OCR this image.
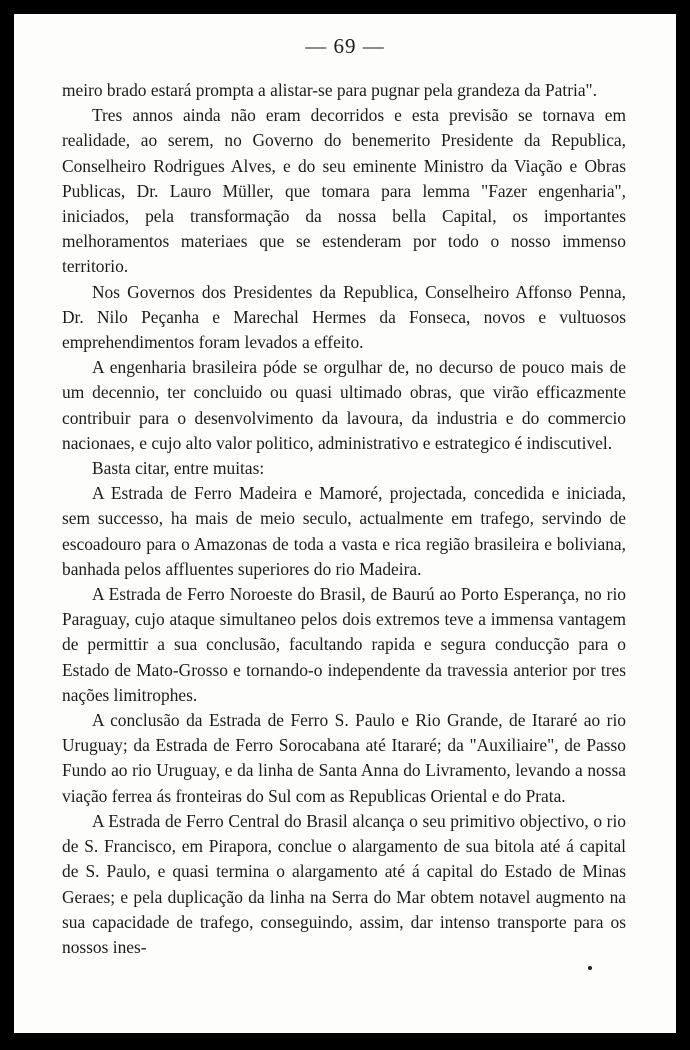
— 69 —

meiro brado estará prompta a alistar-se para pugnar pela grandeza da Patria".

Tres annos ainda não eram decorridos e esta previsão se tornava em realidade, ao serem, no Governo do benemerito Presidente da Republica, Conselheiro Rodrigues Alves, e do seu eminente Ministro da Viação e Obras Publicas, Dr. Lauro Müller, que tomara para lemma "Fazer engenharia", iniciados, pela transformação da nossa bella Capital, os importantes melhoramentos materiaes que se estenderam por todo o nosso immenso territorio.

Nos Governos dos Presidentes da Republica, Conselheiro Affonso Penna, Dr. Nilo Peçanha e Marechal Hermes da Fonseca, novos e vultuosos emprehendimentos foram levados a effeito.

A engenharia brasileira póde se orgulhar de, no decurso de pouco mais de um decennio, ter concluido ou quasi ultimado obras, que virão efficazmente contribuir para o desenvolvimento da lavoura, da industria e do commercio nacionaes, e cujo alto valor politico, administrativo e estrategico é indiscutivel.

Basta citar, entre muitas:

A Estrada de Ferro Madeira e Mamoré, projectada, concedida e iniciada, sem successo, ha mais de meio seculo, actualmente em trafego, servindo de escoadouro para o Amazonas de toda a vasta e rica região brasileira e boliviana, banhada pelos affluentes superiores do rio Madeira.

A Estrada de Ferro Noroeste do Brasil, de Baurú ao Porto Esperança, no rio Paraguay, cujo ataque simultaneo pelos dois extremos teve a immensa vantagem de permittir a sua conclusão, facultando rapida e segura conducção para o Estado de Mato-Grosso e tornando-o independente da travessia anterior por tres nações limitrophes.

A conclusão da Estrada de Ferro S. Paulo e Rio Grande, de Itararé ao rio Uruguay; da Estrada de Ferro Sorocabana até Itararé; da "Auxiliaire", de Passo Fundo ao rio Uruguay, e da linha de Santa Anna do Livramento, levando a nossa viação ferrea ás fronteiras do Sul com as Republicas Oriental e do Prata.

A Estrada de Ferro Central do Brasil alcança o seu primitivo objectivo, o rio de S. Francisco, em Pirapora, conclue o alargamento de sua bitola até á capital de S. Paulo, e quasi termina o alargamento até á capital do Estado de Minas Geraes; e pela duplicação da linha na Serra do Mar obtem notavel augmento na sua capacidade de trafego, conseguindo, assim, dar intenso transporte para os nossos ines-
